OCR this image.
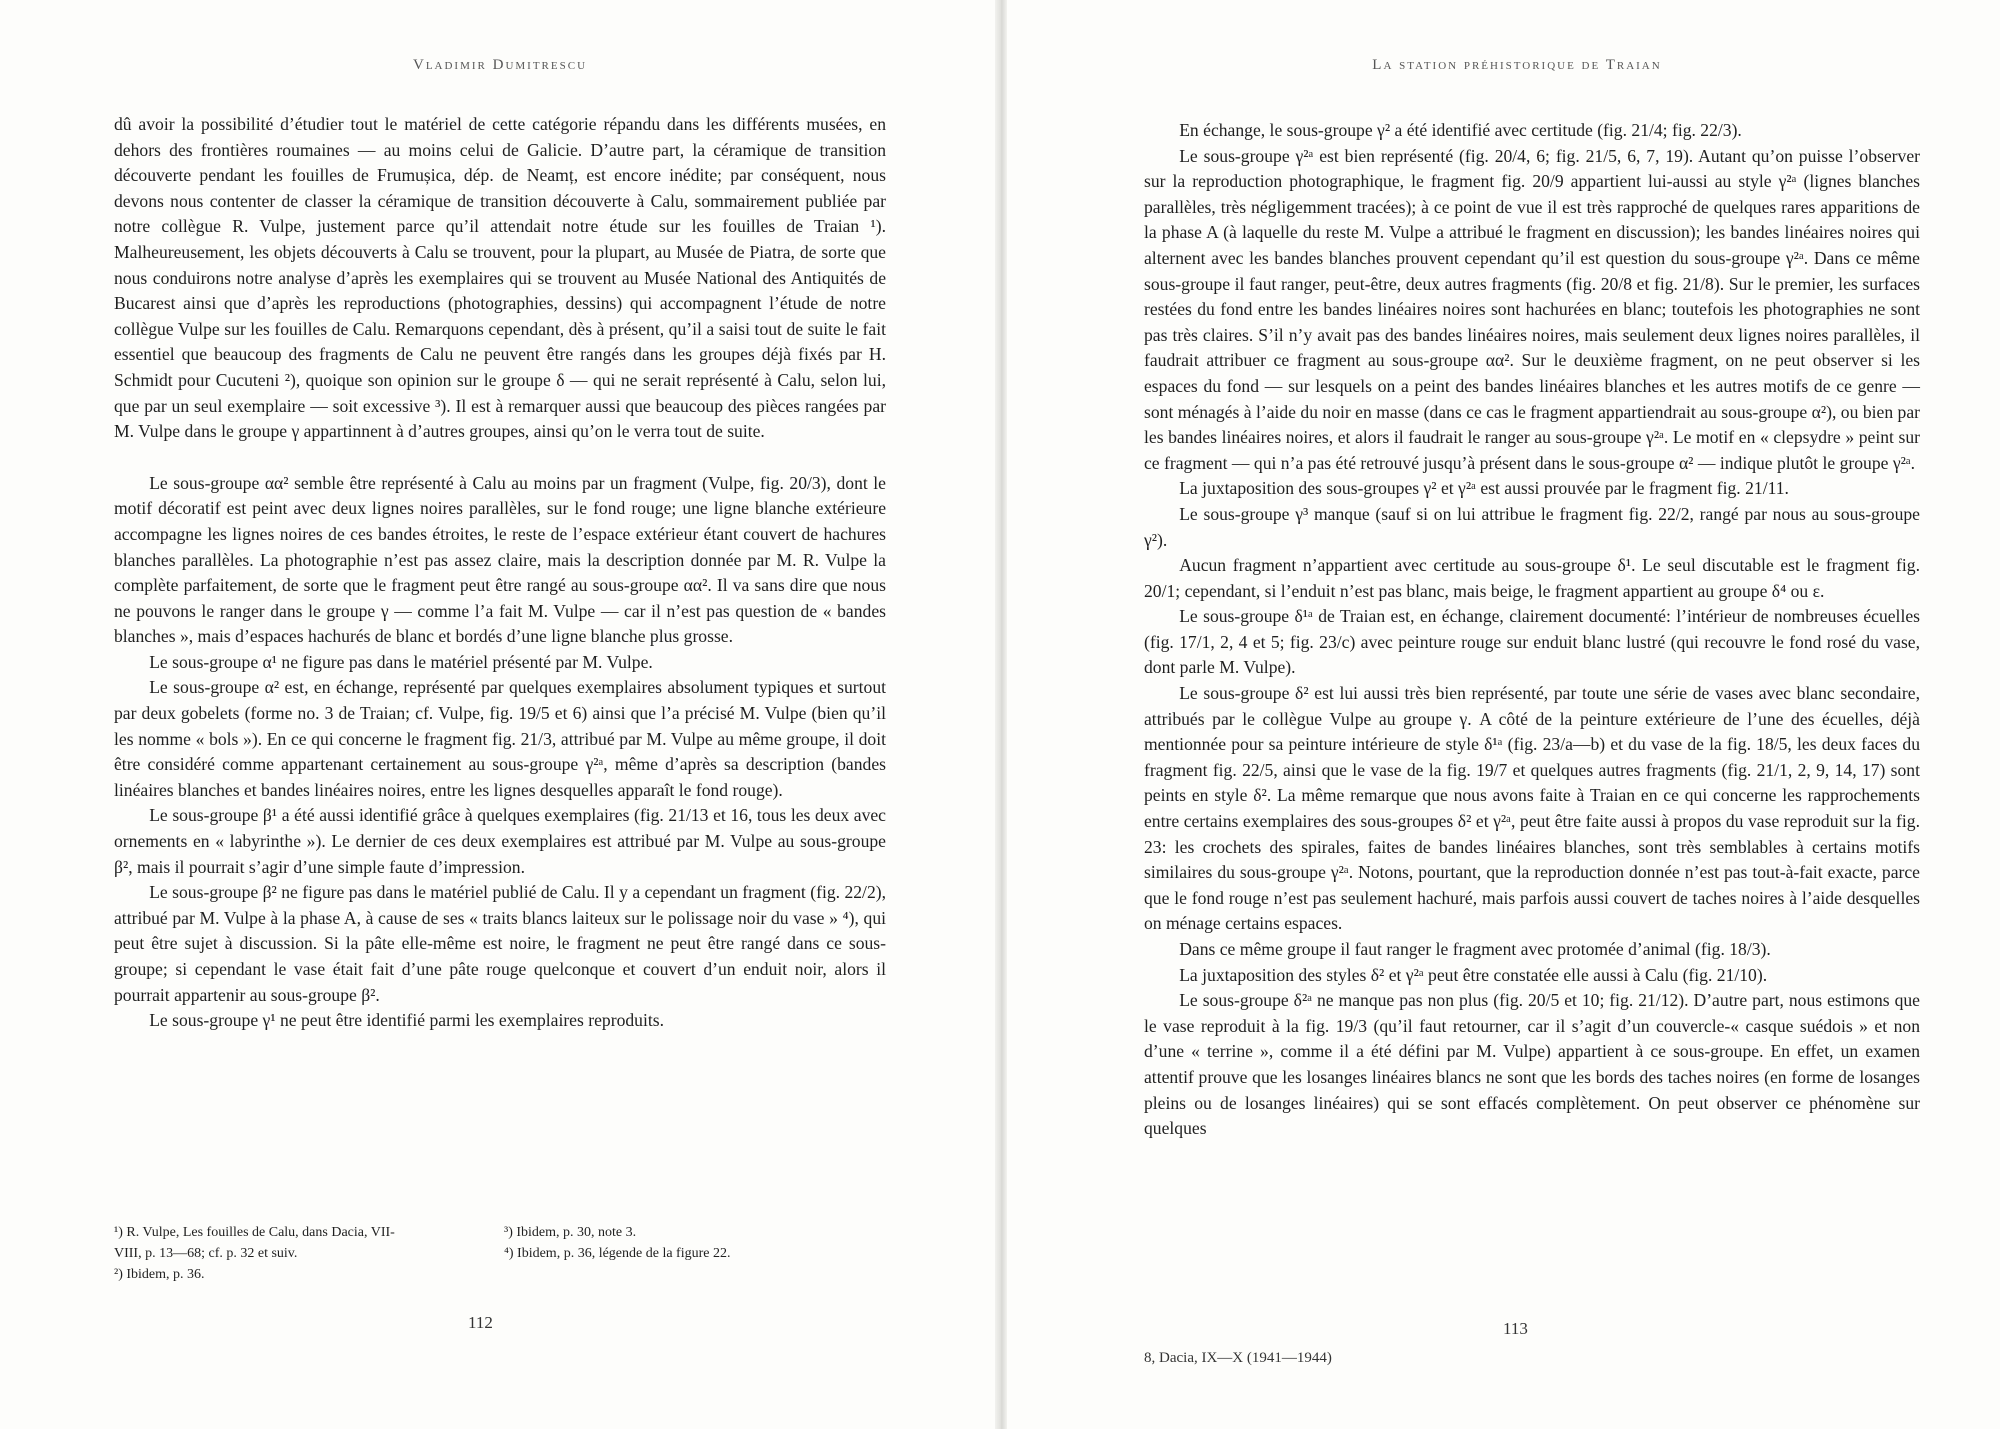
Vladimir Dumitrescu

dû avoir la possibilité d’étudier tout le matériel de cette catégorie répandu dans les différents musées, en dehors des frontières roumaines — au moins celui de Galicie. D’autre part, la céramique de transition découverte pendant les fouilles de Frumușica, dép. de Neamț, est encore inédite; par conséquent, nous devons nous contenter de classer la céramique de transition découverte à Calu, sommairement publiée par notre collègue R. Vulpe, justement parce qu’il attendait notre étude sur les fouilles de Traian ¹). Malheureusement, les objets découverts à Calu se trouvent, pour la plupart, au Musée de Piatra, de sorte que nous conduirons notre analyse d’après les exemplaires qui se trouvent au Musée National des Antiquités de Bucarest ainsi que d’après les reproductions (photographies, dessins) qui accompagnent l’étude de notre collègue Vulpe sur les fouilles de Calu. Remarquons cependant, dès à présent, qu’il a saisi tout de suite le fait essentiel que beaucoup des fragments de Calu ne peuvent être rangés dans les groupes déjà fixés par H. Schmidt pour Cucuteni ²), quoique son opinion sur le groupe δ — qui ne serait représenté à Calu, selon lui, que par un seul exemplaire — soit excessive ³). Il est à remarquer aussi que beaucoup des pièces rangées par M. Vulpe dans le groupe γ appartinnent à d’autres groupes, ainsi qu’on le verra tout de suite.

Le sous-groupe αα² semble être représenté à Calu au moins par un fragment (Vulpe, fig. 20/3), dont le motif décoratif est peint avec deux lignes noires parallèles, sur le fond rouge; une ligne blanche extérieure accompagne les lignes noires de ces bandes étroites, le reste de l’espace extérieur étant couvert de hachures blanches parallèles. La photographie n’est pas assez claire, mais la description donnée par M. R. Vulpe la complète parfaitement, de sorte que le fragment peut être rangé au sous-groupe αα². Il va sans dire que nous ne pouvons le ranger dans le groupe γ — comme l’a fait M. Vulpe — car il n’est pas question de « bandes blanches », mais d’espaces hachurés de blanc et bordés d’une ligne blanche plus grosse.

Le sous-groupe α¹ ne figure pas dans le matériel présenté par M. Vulpe.

Le sous-groupe α² est, en échange, représenté par quelques exemplaires absolument typiques et surtout par deux gobelets (forme no. 3 de Traian; cf. Vulpe, fig. 19/5 et 6) ainsi que l’a précisé M. Vulpe (bien qu’il les nomme « bols »). En ce qui concerne le fragment fig. 21/3, attribué par M. Vulpe au même groupe, il doit être considéré comme appartenant certainement au sous-groupe γ²ᵃ, même d’après sa description (bandes linéaires blanches et bandes linéaires noires, entre les lignes desquelles apparaît le fond rouge).

Le sous-groupe β¹ a été aussi identifié grâce à quelques exemplaires (fig. 21/13 et 16, tous les deux avec ornements en « labyrinthe »). Le dernier de ces deux exemplaires est attribué par M. Vulpe au sous-groupe β², mais il pourrait s’agir d’une simple faute d’impression.

Le sous-groupe β² ne figure pas dans le matériel publié de Calu. Il y a cependant un fragment (fig. 22/2), attribué par M. Vulpe à la phase A, à cause de ses « traits blancs laiteux sur le polissage noir du vase » ⁴), qui peut être sujet à discussion. Si la pâte elle-même est noire, le fragment ne peut être rangé dans ce sous-groupe; si cependant le vase était fait d’une pâte rouge quelconque et couvert d’un enduit noir, alors il pourrait appartenir au sous-groupe β².

Le sous-groupe γ¹ ne peut être identifié parmi les exemplaires reproduits.

¹) R. Vulpe, Les fouilles de Calu, dans Dacia, VII-	³) Ibidem, p. 30, note 3.
VIII, p. 13—68; cf. p. 32 et suiv.	⁴) Ibidem, p. 36, légende de la figure 22.
²) Ibidem, p. 36.
112
La station préhistorique de Traian

En échange, le sous-groupe γ² a été identifié avec certitude (fig. 21/4; fig. 22/3).

Le sous-groupe γ²ᵃ est bien représenté (fig. 20/4, 6; fig. 21/5, 6, 7, 19). Autant qu’on puisse l’observer sur la reproduction photographique, le fragment fig. 20/9 appartient lui-aussi au style γ²ᵃ (lignes blanches parallèles, très négligemment tracées); à ce point de vue il est très rapproché de quelques rares apparitions de la phase A (à laquelle du reste M. Vulpe a attribué le fragment en discussion); les bandes linéaires noires qui alternent avec les bandes blanches prouvent cependant qu’il est question du sous-groupe γ²ᵃ. Dans ce même sous-groupe il faut ranger, peut-être, deux autres fragments (fig. 20/8 et fig. 21/8). Sur le premier, les surfaces restées du fond entre les bandes linéaires noires sont hachurées en blanc; toutefois les photographies ne sont pas très claires. S’il n’y avait pas des bandes linéaires noires, mais seulement deux lignes noires parallèles, il faudrait attribuer ce fragment au sous-groupe αα². Sur le deuxième fragment, on ne peut observer si les espaces du fond — sur lesquels on a peint des bandes linéaires blanches et les autres motifs de ce genre — sont ménagés à l’aide du noir en masse (dans ce cas le fragment appartiendrait au sous-groupe α²), ou bien par les bandes linéaires noires, et alors il faudrait le ranger au sous-groupe γ²ᵃ. Le motif en « clepsydre » peint sur ce fragment — qui n’a pas été retrouvé jusqu’à présent dans le sous-groupe α² — indique plutôt le groupe γ²ᵃ.

La juxtaposition des sous-groupes γ² et γ²ᵃ est aussi prouvée par le fragment fig. 21/11.

Le sous-groupe γ³ manque (sauf si on lui attribue le fragment fig. 22/2, rangé par nous au sous-groupe γ²).

Aucun fragment n’appartient avec certitude au sous-groupe δ¹. Le seul discutable est le fragment fig. 20/1; cependant, si l’enduit n’est pas blanc, mais beige, le fragment appartient au groupe δ⁴ ou ε.

Le sous-groupe δ¹ᵃ de Traian est, en échange, clairement documenté: l’intérieur de nombreuses écuelles (fig. 17/1, 2, 4 et 5; fig. 23/c) avec peinture rouge sur enduit blanc lustré (qui recouvre le fond rosé du vase, dont parle M. Vulpe).

Le sous-groupe δ² est lui aussi très bien représenté, par toute une série de vases avec blanc secondaire, attribués par le collègue Vulpe au groupe γ. A côté de la peinture extérieure de l’une des écuelles, déjà mentionnée pour sa peinture intérieure de style δ¹ᵃ (fig. 23/a—b) et du vase de la fig. 18/5, les deux faces du fragment fig. 22/5, ainsi que le vase de la fig. 19/7 et quelques autres fragments (fig. 21/1, 2, 9, 14, 17) sont peints en style δ². La même remarque que nous avons faite à Traian en ce qui concerne les rapprochements entre certains exemplaires des sous-groupes δ² et γ²ᵃ, peut être faite aussi à propos du vase reproduit sur la fig. 23: les crochets des spirales, faites de bandes linéaires blanches, sont très semblables à certains motifs similaires du sous-groupe γ²ᵃ. Notons, pourtant, que la reproduction donnée n’est pas tout-à-fait exacte, parce que le fond rouge n’est pas seulement hachuré, mais parfois aussi couvert de taches noires à l’aide desquelles on ménage certains espaces.

Dans ce même groupe il faut ranger le fragment avec protomée d’animal (fig. 18/3).

La juxtaposition des styles δ² et γ²ᵃ peut être constatée elle aussi à Calu (fig. 21/10).

Le sous-groupe δ²ᵃ ne manque pas non plus (fig. 20/5 et 10; fig. 21/12). D’autre part, nous estimons que le vase reproduit à la fig. 19/3 (qu’il faut retourner, car il s’agit d’un couvercle-« casque suédois » et non d’une « terrine », comme il a été défini par M. Vulpe) appartient à ce sous-groupe. En effet, un examen attentif prouve que les losanges linéaires blancs ne sont que les bords des taches noires (en forme de losanges pleins ou de losanges linéaires) qui se sont effacés complètement. On peut observer ce phénomène sur quelques

113
8, Dacia, IX—X (1941—1944)
